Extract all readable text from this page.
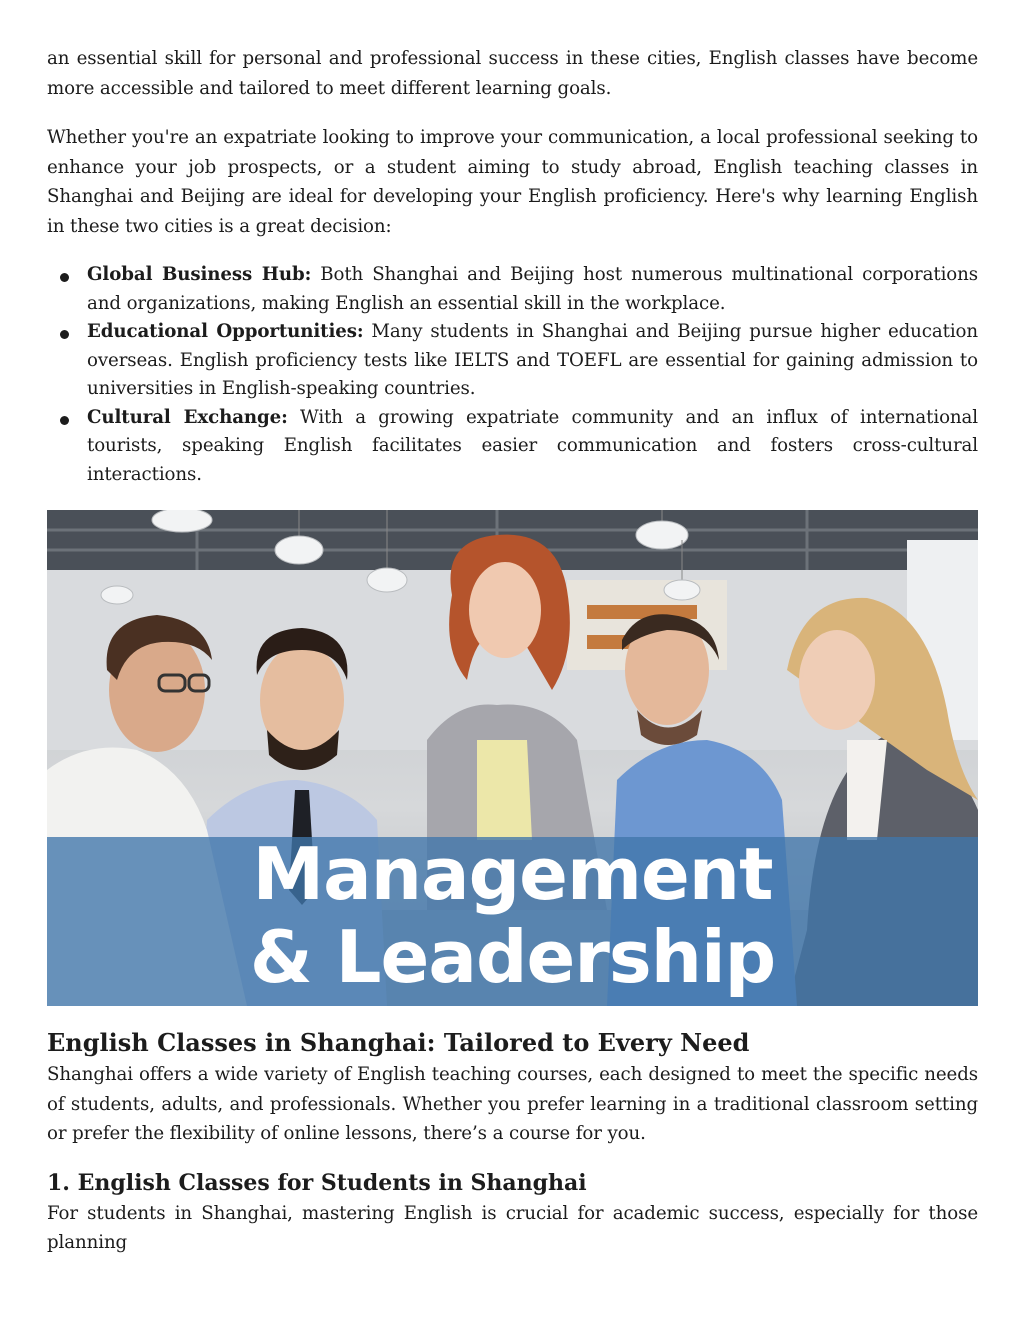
an essential skill for personal and professional success in these cities, English classes have become more accessible and tailored to meet different learning goals.

Whether you're an expatriate looking to improve your communication, a local professional seeking to enhance your job prospects, or a student aiming to study abroad, English teaching classes in Shanghai and Beijing are ideal for developing your English proficiency. Here's why learning English in these two cities is a great decision:

Global Business Hub: Both Shanghai and Beijing host numerous multinational corporations and organizations, making English an essential skill in the workplace.
Educational Opportunities: Many students in Shanghai and Beijing pursue higher education overseas. English proficiency tests like IELTS and TOEFL are essential for gaining admission to universities in English-speaking countries.
Cultural Exchange: With a growing expatriate community and an influx of international tourists, speaking English facilitates easier communication and fosters cross-cultural interactions.
Management
& Leadership
English Classes in Shanghai: Tailored to Every Need

Shanghai offers a wide variety of English teaching courses, each designed to meet the specific needs of students, adults, and professionals. Whether you prefer learning in a traditional classroom setting or prefer the flexibility of online lessons, there’s a course for you.

1. English Classes for Students in Shanghai

For students in Shanghai, mastering English is crucial for academic success, especially for those planning
